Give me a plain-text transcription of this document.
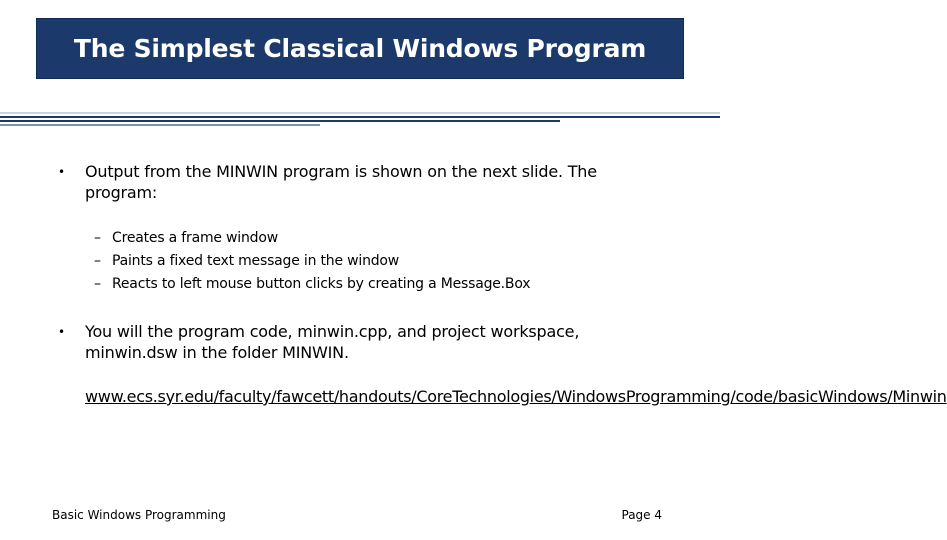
The Simplest Classical Windows Program
• Output from the MINWIN program is shown on the next slide. The program:
– Creates a frame window
– Paints a fixed text message in the window
– Reacts to left mouse button clicks by creating a Message.Box
• You will the program code, minwin.cpp, and project workspace, minwin.dsw in the folder MINWIN.
www.ecs.syr.edu/faculty/fawcett/handouts/CoreTechnologies/WindowsProgramming/code/basicWindows/Minwin
Basic Windows Programming	Page 4
